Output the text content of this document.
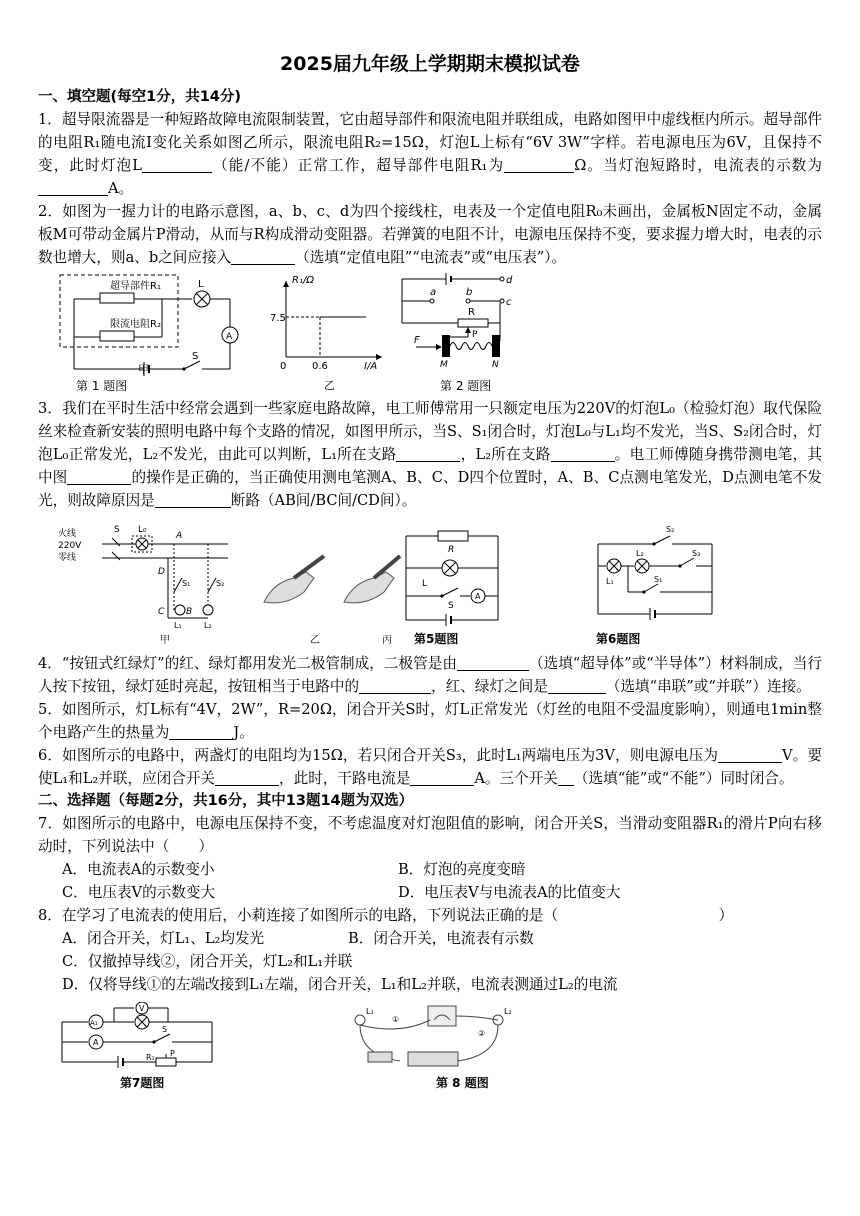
2025届九年级上学期期末模拟试卷
一、填空题(每空1分，共14分)

1．超导限流器是一种短路故障电流限制装置，它由超导部件和限流电阻并联组成，电路如图甲中虚线框内所示。超导部件的电阻R₁随电流I变化关系如图乙所示，限流电阻R₂=15Ω，灯泡L上标有“6V 3W”字样。若电源电压为6V，且保持不变，此时灯泡L	（能/不能）正常工作，超导部件电阻R₁为	Ω。当灯泡短路时，电流表的示数为A。

2．如图为一握力计的电路示意图，a、b、c、d为四个接线柱，电表及一个定值电阻R₀未画出，金属板N固定不动，金属板M可带动金属片P滑动，从而与R构成滑动变阻器。若弹簧的电阻不计，电源电压保持不变，要求握力增大时，电表的示数也增大，则a、b之间应接入	（选填“定值电阻”“电流表”或“电压表”）。

超导部件R₁
限流电阻R₂
L
A
S
甲
R₁/Ω
7.5
0	0.6	I/A
乙
第 1 题图
a	b
c
d
R
P
F
M	N
第 2 题图

3．我们在平时生活中经常会遇到一些家庭电路故障，电工师傅常用一只额定电压为220V的灯泡L₀（检验灯泡）取代保险丝来检查新安装的照明电路中每个支路的情况，如图甲所示，当S、S₁闭合时，灯泡L₀与L₁均不发光，当S、S₂闭合时，灯泡L₀正常发光，L₂不发光，由此可以判断，L₁所在支路	，L₂所在支路	。电工师傅随身携带测电笔，其中图	的操作是正确的，当正确使用测电笔测A、B、C、D四个位置时，A、B、C点测电笔发光，D点测电笔不发光，则故障原因是	断路（AB间/BC间/CD间）。

火线
220V
零线
S L₀
A
D
S₁	S₂
C B
L₁	L₂
甲	乙	丙
R
L
S
A
第5题图
S₂
S₃
S₁
L₁
L₂
第6题图

4．“按钮式红绿灯”的红、绿灯都用发光二极管制成，二极管是由	（选填“超导体”或“半导体”）材料制成，当行人按下按钮，绿灯延时亮起，按钮相当于电路中的	，红、绿灯之间是	（选填“串联”或“并联”）连接。

5．如图所示，灯L标有“4V，2W”，R=20Ω，闭合开关S时，灯L正常发光（灯丝的电阻不受温度影响），则通电1min整个电路产生的热量为	J。

6．如图所示的电路中，两盏灯的电阻均为15Ω，若只闭合开关S₃，此时L₁两端电压为3V，则电源电压为	V。要使L₁和L₂并联，应闭合开关	，此时，干路电流是	A。三个开关 （选填“能”或“不能”）同时闭合。

二、选择题（每题2分，共16分，其中13题14题为双选）

7．如图所示的电路中，电源电压保持不变，不考虑温度对灯泡阻值的影响，闭合开关S，当滑动变阻器R₁的滑片P向右移动时，下列说法中（　　）

A．电流表A的示数变小	B．灯泡的亮度变暗
C．电压表V的示数变大	D．电压表V与电流表A的比值变大

8．在学习了电流表的使用后，小莉连接了如图所示的电路，下列说法正确的是（　　　　　　　　　　　）

A．闭合开关，灯L₁、L₂均发光	B．闭合开关，电流表有示数
C．仅撤掉导线②，闭合开关，灯L₂和L₁并联
D．仅将导线①的左端改接到L₁左端，闭合开关，L₁和L₂并联，电流表测通过L₂的电流
V
A₁
A
S
R₁ P
第7题图
L₁	L₂
①
②
第 8 题图
